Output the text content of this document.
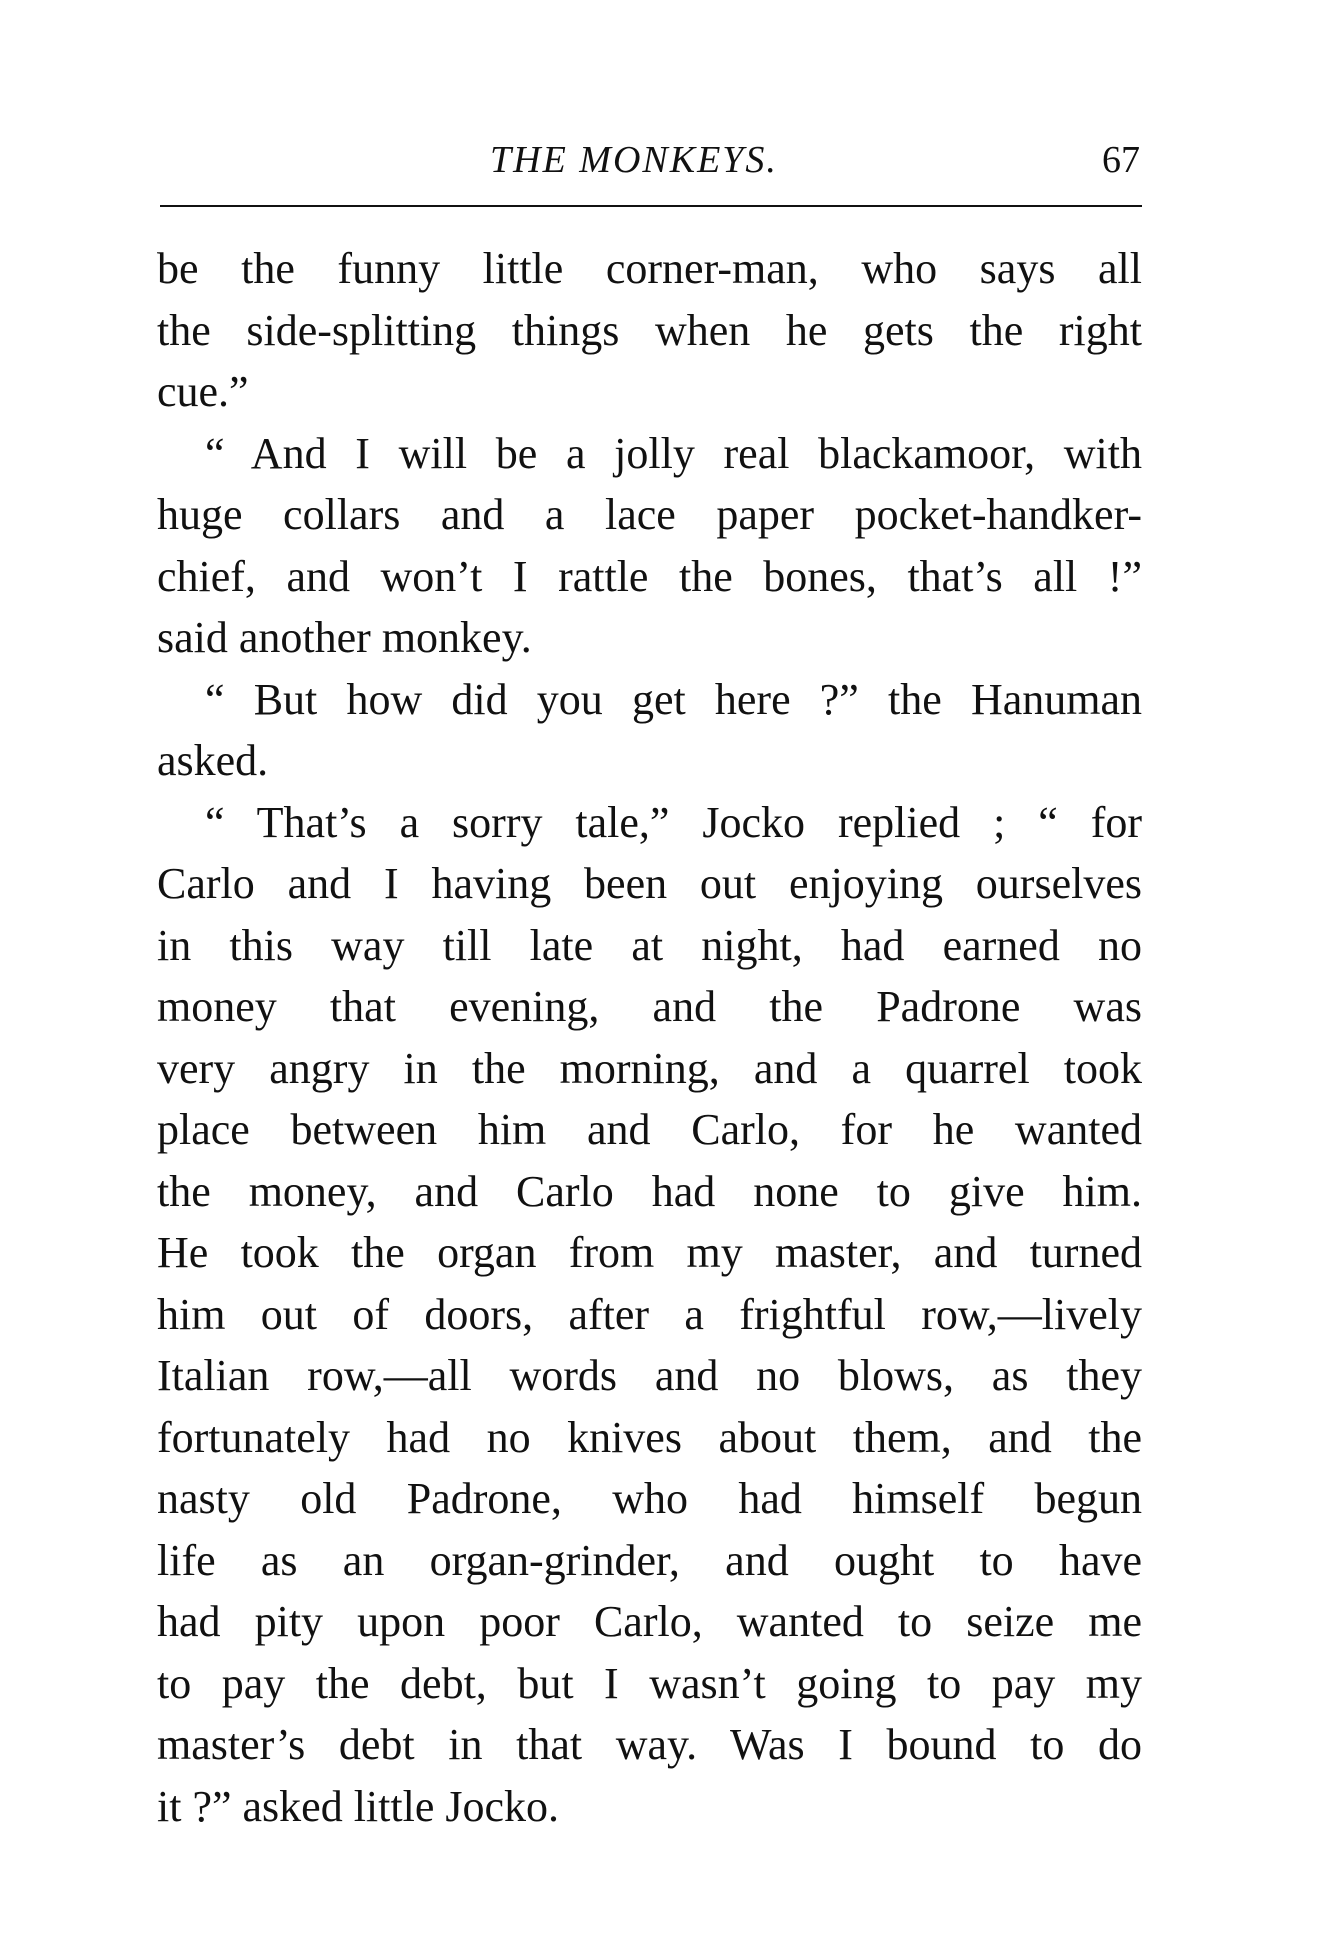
THE MONKEYS.	67
be the funny little corner-man, who says all
the side-splitting things when he gets the right
cue.”
“ And I will be a jolly real blackamoor, with
huge collars and a lace paper pocket-handker-
chief, and won’t I rattle the bones, that’s all !”
said another monkey.
“ But how did you get here ?” the Hanuman
asked.
“ That’s a sorry tale,” Jocko replied ; “ for
Carlo and I having been out enjoying ourselves
in this way till late at night, had earned no
money that evening, and the Padrone was
very angry in the morning, and a quarrel took
place between him and Carlo, for he wanted
the money, and Carlo had none to give him.
He took the organ from my master, and turned
him out of doors, after a frightful row,—lively
Italian row,—all words and no blows, as they
fortunately had no knives about them, and the
nasty old Padrone, who had himself begun
life as an organ-grinder, and ought to have
had pity upon poor Carlo, wanted to seize me
to pay the debt, but I wasn’t going to pay my
master’s debt in that way. Was I bound to do
it ?” asked little Jocko.
